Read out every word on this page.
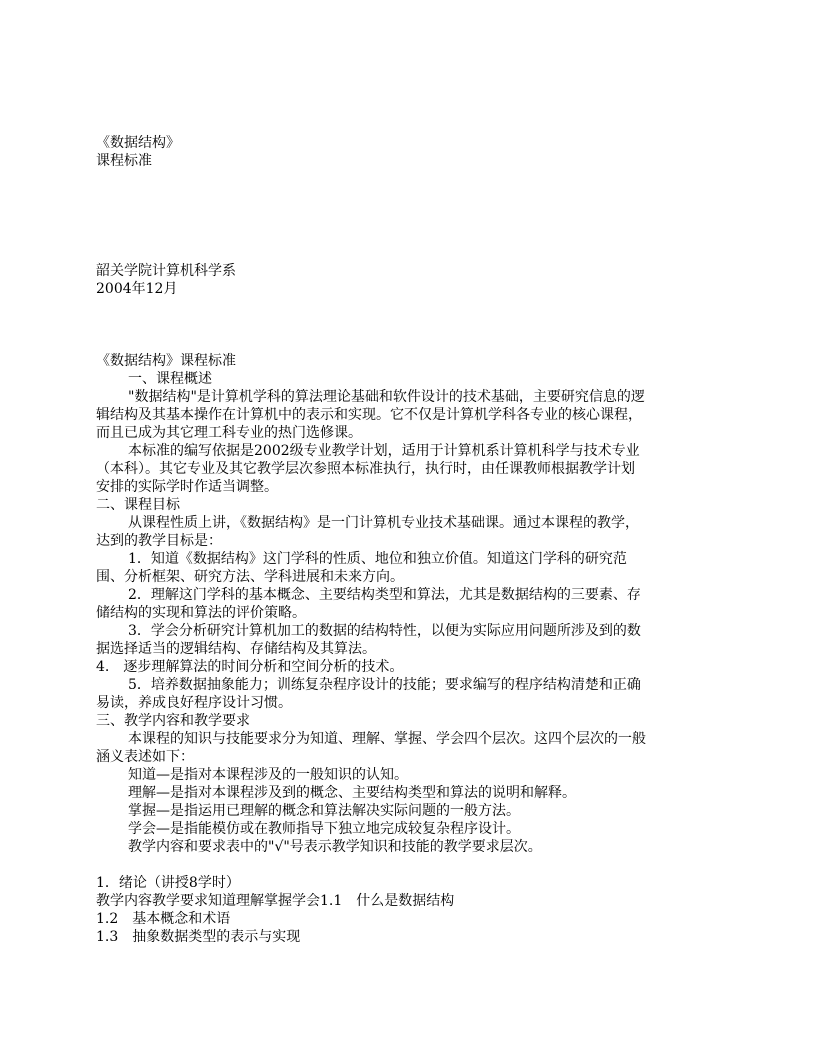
《数据结构》
课程标准
韶关学院计算机科学系
2004年12月
《数据结构》课程标准
一、课程概述
"数据结构"是计算机学科的算法理论基础和软件设计的技术基础，主要研究信息的逻
辑结构及其基本操作在计算机中的表示和实现。它不仅是计算机学科各专业的核心课程，
而且已成为其它理工科专业的热门选修课。
本标准的编写依据是2002级专业教学计划，适用于计算机系计算机科学与技术专业
（本科）。其它专业及其它教学层次参照本标准执行，执行时，由任课教师根据教学计划
安排的实际学时作适当调整。
二、课程目标
从课程性质上讲，《数据结构》是一门计算机专业技术基础课。通过本课程的教学，
达到的教学目标是：
1．知道《数据结构》这门学科的性质、地位和独立价值。知道这门学科的研究范
围、分析框架、研究方法、学科进展和未来方向。
2．理解这门学科的基本概念、主要结构类型和算法，尤其是数据结构的三要素、存
储结构的实现和算法的评价策略。
3．学会分析研究计算机加工的数据的结构特性，以便为实际应用问题所涉及到的数
据选择适当的逻辑结构、存储结构及其算法。
4.　逐步理解算法的时间分析和空间分析的技术。
5．培养数据抽象能力；训练复杂程序设计的技能；要求编写的程序结构清楚和正确
易读，养成良好程序设计习惯。
三、教学内容和教学要求
本课程的知识与技能要求分为知道、理解、掌握、学会四个层次。这四个层次的一般
涵义表述如下：
知道—是指对本课程涉及的一般知识的认知。
理解—是指对本课程涉及到的概念、主要结构类型和算法的说明和解释。
掌握—是指运用已理解的概念和算法解决实际问题的一般方法。
学会—是指能模仿或在教师指导下独立地完成较复杂程序设计。
教学内容和要求表中的"√"号表示教学知识和技能的教学要求层次。
1．绪论（讲授8学时）
教学内容教学要求知道理解掌握学会1.1　什么是数据结构
1.2　基本概念和术语
1.3　抽象数据类型的表示与实现
